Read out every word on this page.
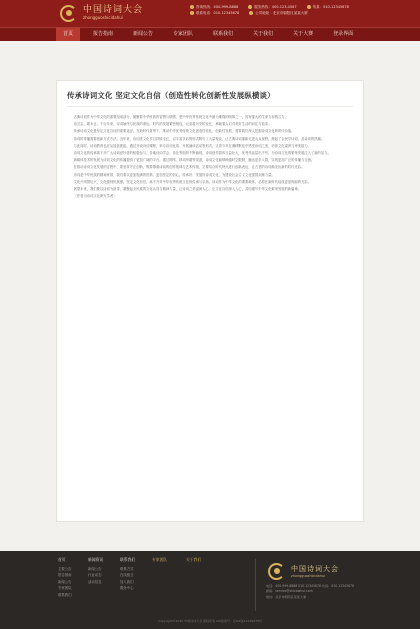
中国诗词大会
zhongguoshicidahui
咨询热线：400-999-8888	服务热线：400-123-4567	传真：010-12345678
联系电话：010-12345678	公司地址：北京市朝阳区某某大厦
首页	报告指南	新闻公告	专家团队	联系我们	关于我们	关于大赛	登录界面
传承诗词文化 坚定文化自信（创造性转化创新性发展纵横谈）

古典诗词作为中华文化的重要组成部分，凝聚着中华民族的智慧与情感，是中华优秀传统文化中最为璀璨的明珠之一，具有强大的生命力和感召力。

诗言志，歌永言。千百年来，诗词始终与民族的命运、时代的发展紧密相连，记录着历史的变迁，承载着人们对美好生活的向往与追求。

传承诗词文化是坚定文化自信的重要途径。在新时代背景下，推动中华优秀传统文化创造性转化、创新性发展，需要我们深入挖掘诗词文化的时代价值。

诗词的传播需要创新方式方法。近年来，诗词类文化节目持续走红，以丰富多彩的形式吸引了大量观众，让古典诗词重新走进大众视野，掀起了全民学诗词、品诗词的热潮。

与此同时，诗词教育也应从娃娃抓起。通过开设诗词课程、举办诗词比赛、开展诵读活动等形式，让青少年在潜移默化中感受诗词之美，培养文化素养与审美能力。

诗词文化的传承离不开广大诗词爱好者的积极参与。各地诗词学会、诗社等组织不断涌现，诗词创作群体日益壮大，优秀作品层出不穷，为诗词文化的繁荣发展注入了新的活力。

新媒体技术的发展为诗词文化的传播提供了更加广阔的平台。通过网络、移动终端等渠道，诗词文化能够跨越时空限制，触达更多人群，实现更加广泛的传播与交流。

在推动诗词文化发展的过程中，要坚持守正创新，既要尊重诗词的创作规律与艺术传统，又要结合时代特点进行创新表达，让古老的诗词焕发出新的时代光彩。

诗词是中华民族的精神家园，我们要以更加饱满的热情，更加坚定的信心，传承好、发展好诗词文化，为建设社会主义文化强国贡献力量。

文化兴则国运兴，文化强则民族强。坚定文化自信，离不开对中华优秀传统文化的传承与弘扬。诗词作为中华文化的重要载体，必将在新时代绽放更加绚丽的光彩。

展望未来，我们要以诗词为纽带，凝聚起全民族的文化认同与精神力量，让诗词之美浸润人心，让文化自信深入人心，共同谱写中华文化繁荣发展的新篇章。

（作者为诗词文化研究学者）

首页
主要公告
报告指南
新闻公告
专家团队
联系我们
新闻资讯
新闻公告
行业动态
活动信息
联系我们
联系方式
在线留言
加入我们
服务中心
专家团队	关于我们
中国诗词大会
zhongguoshicidahui
电话：400-999-8888 010-12345678 传真：010-12345678
邮箱：service@shicidahui.com
地址：北京市朝阳区某某大厦
Copyright©2020 中国诗词大会 版权所有 ICP备案号：京ICP备12345678号
